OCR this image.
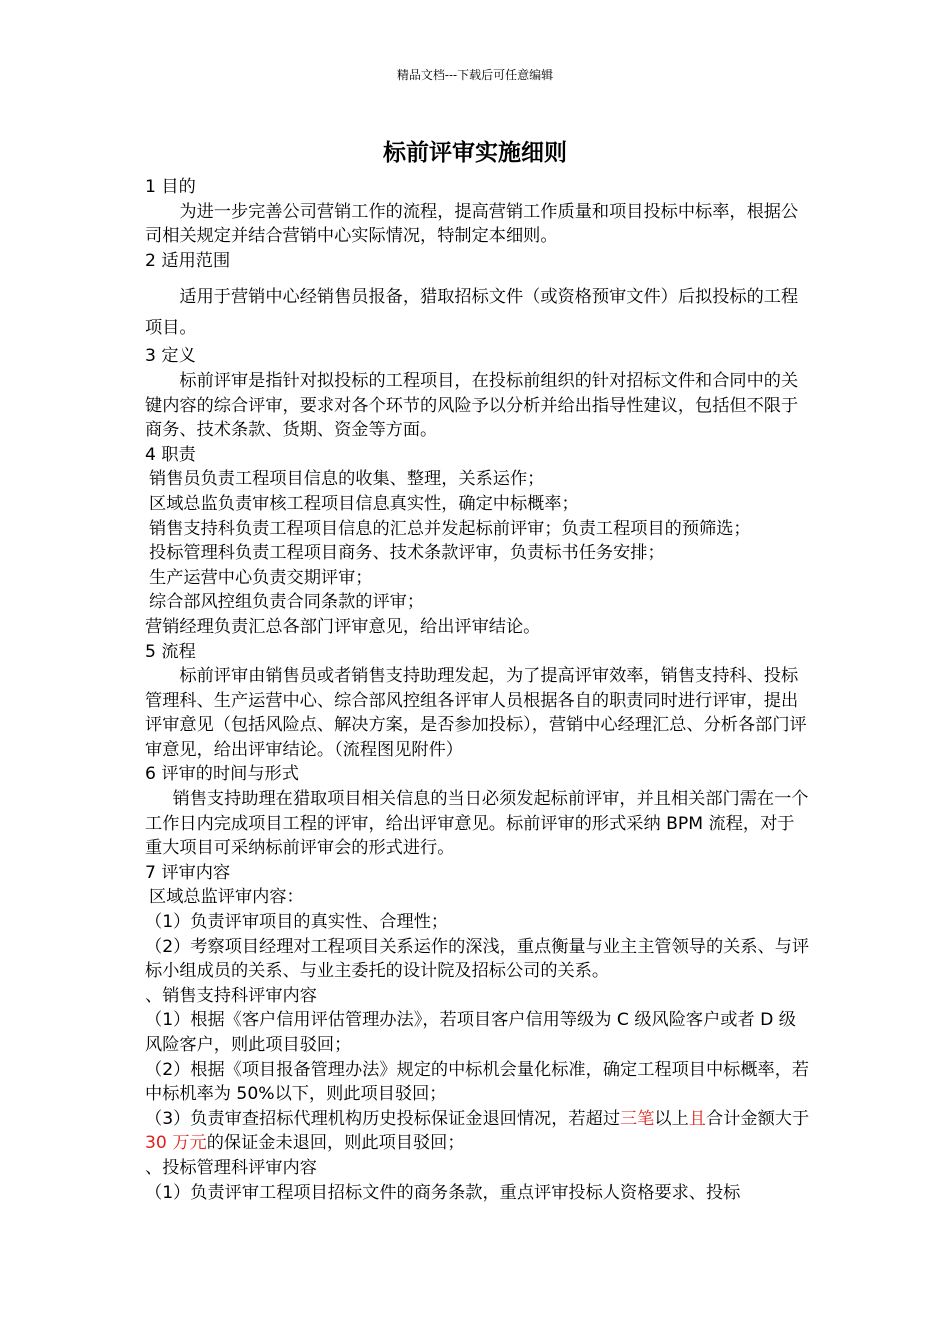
精品文档---下载后可任意编辑
标前评审实施细则

1 目的

为进一步完善公司营销工作的流程，提高营销工作质量和项目投标中标率，根据公司相关规定并结合营销中心实际情况，特制定本细则。

2 适用范围

适用于营销中心经销售员报备，猎取招标文件（或资格预审文件）后拟投标的工程项目。

3 定义

标前评审是指针对拟投标的工程项目，在投标前组织的针对招标文件和合同中的关键内容的综合评审，要求对各个环节的风险予以分析并给出指导性建议，包括但不限于商务、技术条款、货期、资金等方面。

4 职责

销售员负责工程项目信息的收集、整理，关系运作；

区域总监负责审核工程项目信息真实性，确定中标概率；

销售支持科负责工程项目信息的汇总并发起标前评审；负责工程项目的预筛选；

投标管理科负责工程项目商务、技术条款评审，负责标书任务安排；

生产运营中心负责交期评审；

综合部风控组负责合同条款的评审；

营销经理负责汇总各部门评审意见，给出评审结论。

5 流程

标前评审由销售员或者销售支持助理发起，为了提高评审效率，销售支持科、投标管理科、生产运营中心、综合部风控组各评审人员根据各自的职责同时进行评审，提出评审意见（包括风险点、解决方案，是否参加投标），营销中心经理汇总、分析各部门评审意见，给出评审结论。（流程图见附件）

6 评审的时间与形式

销售支持助理在猎取项目相关信息的当日必须发起标前评审，并且相关部门需在一个工作日内完成项目工程的评审，给出评审意见。标前评审的形式采纳 BPM 流程，对于重大项目可采纳标前评审会的形式进行。

7 评审内容

区域总监评审内容：

（1）负责评审项目的真实性、合理性；

（2）考察项目经理对工程项目关系运作的深浅，重点衡量与业主主管领导的关系、与评标小组成员的关系、与业主委托的设计院及招标公司的关系。

、销售支持科评审内容

（1）根据《客户信用评估管理办法》，若项目客户信用等级为 C 级风险客户或者 D 级风险客户，则此项目驳回；

（2）根据《项目报备管理办法》规定的中标机会量化标准，确定工程项目中标概率，若中标机率为 50%以下，则此项目驳回；

（3）负责审查招标代理机构历史投标保证金退回情况，若超过三笔以上且合计金额大于30 万元的保证金未退回，则此项目驳回；

、投标管理科评审内容

（1）负责评审工程项目招标文件的商务条款，重点评审投标人资格要求、投标
